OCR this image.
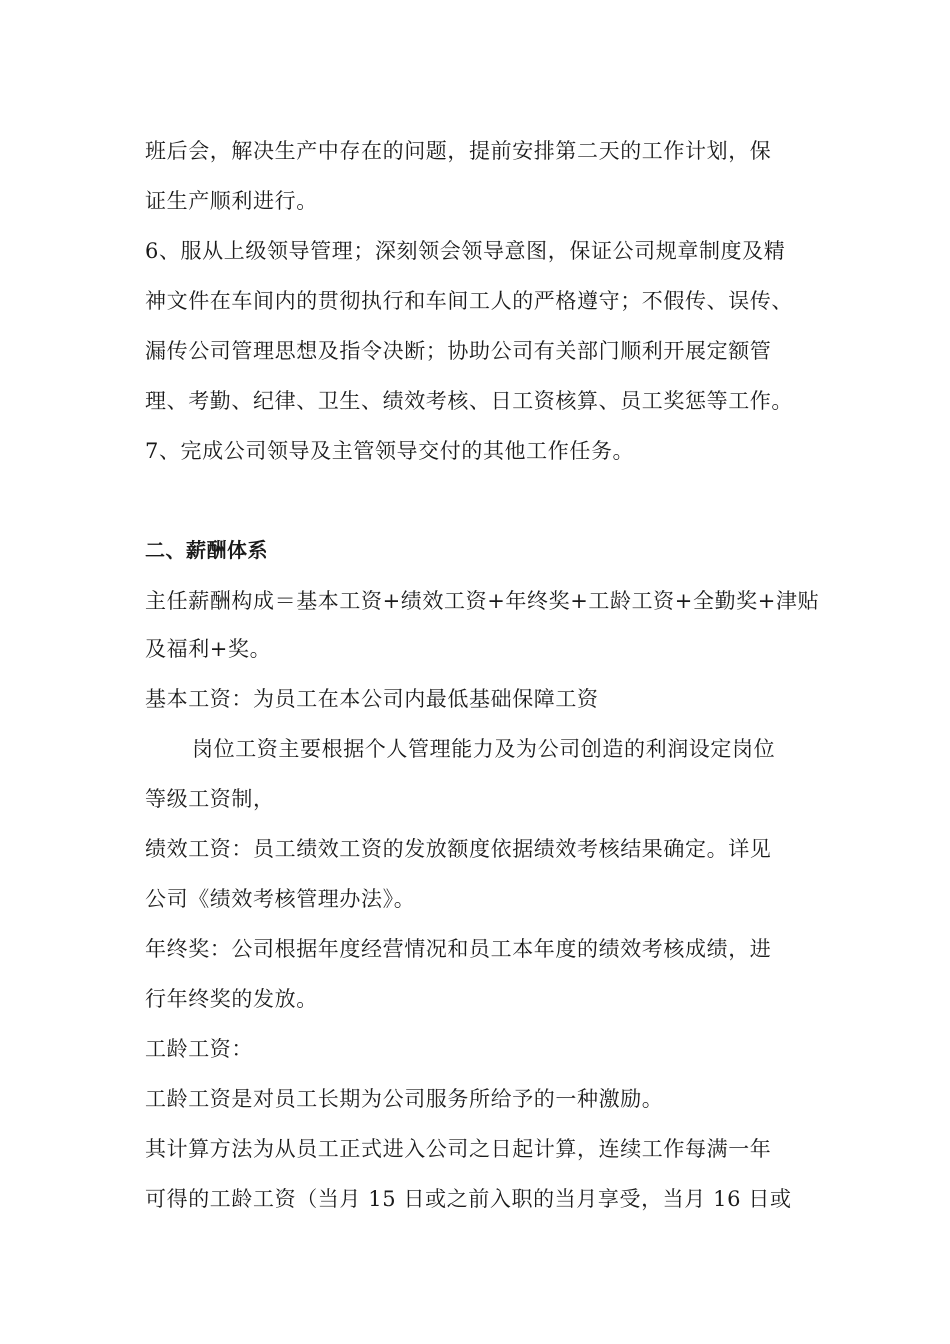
班后会，解决生产中存在的问题，提前安排第二天的工作计划，保
证生产顺利进行。
6、服从上级领导管理；深刻领会领导意图，保证公司规章制度及精
神文件在车间内的贯彻执行和车间工人的严格遵守；不假传、误传、
漏传公司管理思想及指令决断；协助公司有关部门顺利开展定额管
理、考勤、纪律、卫生、绩效考核、日工资核算、员工奖惩等工作。
7、完成公司领导及主管领导交付的其他工作任务。
二、薪酬体系
主任薪酬构成＝基本工资+绩效工资+年终奖+工龄工资+全勤奖+津贴
及福利+奖。
基本工资：为员工在本公司内最低基础保障工资
岗位工资主要根据个人管理能力及为公司创造的利润设定岗位
等级工资制，
绩效工资：员工绩效工资的发放额度依据绩效考核结果确定。详见
公司《绩效考核管理办法》。
年终奖：公司根据年度经营情况和员工本年度的绩效考核成绩，进
行年终奖的发放。
工龄工资：
工龄工资是对员工长期为公司服务所给予的一种激励。
其计算方法为从员工正式进入公司之日起计算，连续工作每满一年
可得的工龄工资（当月 15 日或之前入职的当月享受，当月 16 日或
